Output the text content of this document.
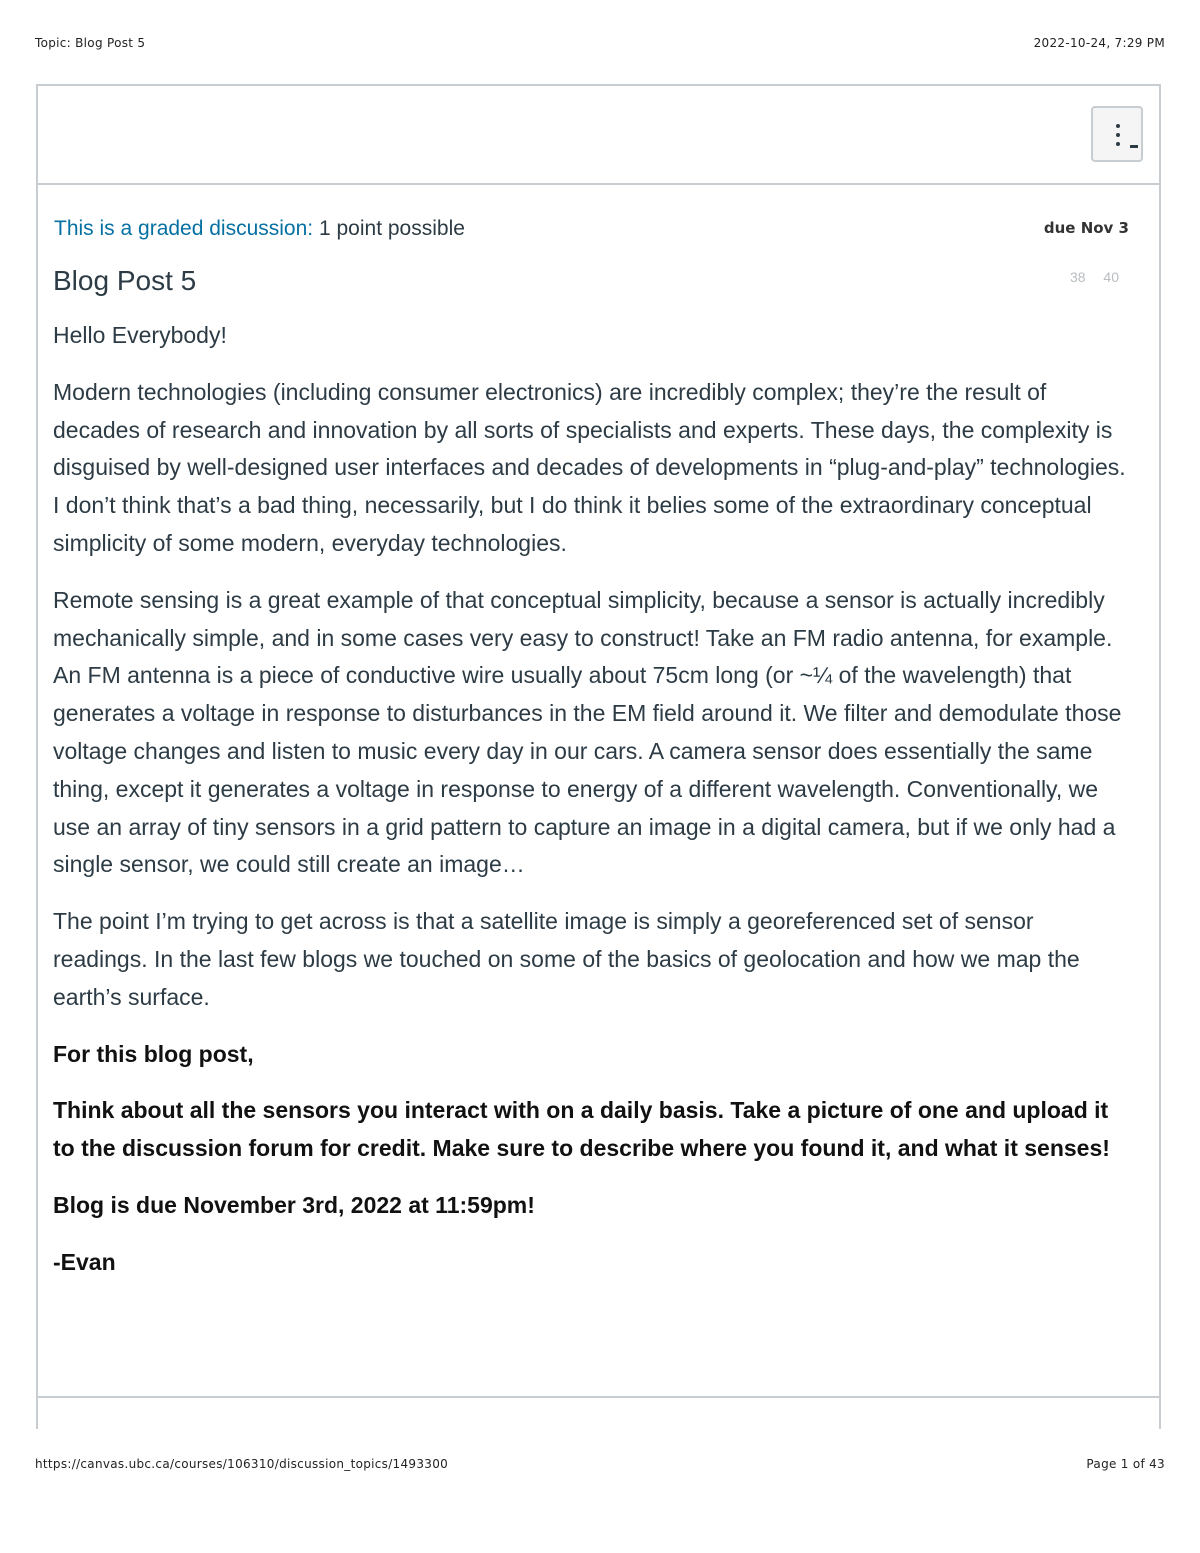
Topic: Blog Post 5	2022-10-24, 7:29 PM
This is a graded discussion: 1 point possible	due Nov 3
38 40
Blog Post 5

Hello Everybody!

Modern technologies (including consumer electronics) are incredibly complex; they’re the result of decades of research and innovation by all sorts of specialists and experts. These days, the complexity is disguised by well-designed user interfaces and decades of developments in “plug-and-play” technologies. I don’t think that’s a bad thing, necessarily, but I do think it belies some of the extraordinary conceptual simplicity of some modern, everyday technologies.

Remote sensing is a great example of that conceptual simplicity, because a sensor is actually incredibly mechanically simple, and in some cases very easy to construct! Take an FM radio antenna, for example. An FM antenna is a piece of conductive wire usually about 75cm long (or ~¼ of the wavelength) that generates a voltage in response to disturbances in the EM field around it. We filter and demodulate those voltage changes and listen to music every day in our cars. A camera sensor does essentially the same thing, except it generates a voltage in response to energy of a different wavelength. Conventionally, we use an array of tiny sensors in a grid pattern to capture an image in a digital camera, but if we only had a single sensor, we could still create an image…

The point I’m trying to get across is that a satellite image is simply a georeferenced set of sensor readings. In the last few blogs we touched on some of the basics of geolocation and how we map the earth’s surface.

For this blog post,

Think about all the sensors you interact with on a daily basis. Take a picture of one and upload it to the discussion forum for credit. Make sure to describe where you found it, and what it senses!

Blog is due November 3rd, 2022 at 11:59pm!

-Evan

https://canvas.ubc.ca/courses/106310/discussion_topics/1493300	Page 1 of 43
